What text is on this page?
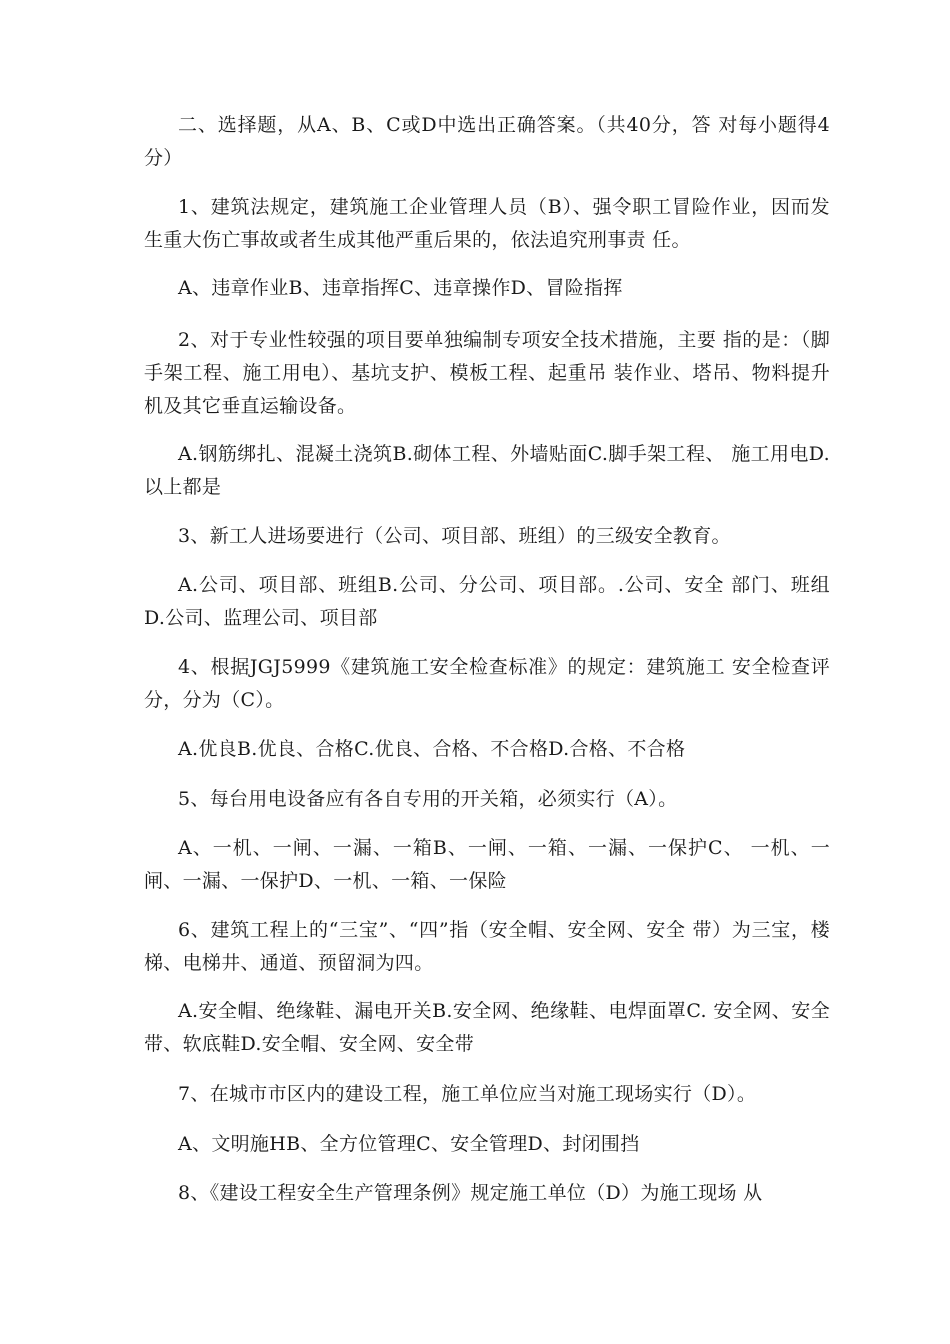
二、选择题，从A、B、C或D中选出正确答案。（共40分，答 对每小题得4分）

1、建筑法规定，建筑施工企业管理人员（B）、强令职工冒险作业，因而发生重大伤亡事故或者生成其他严重后果的，依法追究刑事责 任。

A、违章作业B、违章指挥C、违章操作D、冒险指挥

2、对于专业性较强的项目要单独编制专项安全技术措施，主要 指的是：（脚手架工程、施工用电）、基坑支护、模板工程、起重吊 装作业、塔吊、物料提升机及其它垂直运输设备。

A.钢筋绑扎、混凝土浇筑B.砌体工程、外墙贴面C.脚手架工程、 施工用电D.以上都是

3、新工人进场要进行（公司、项目部、班组）的三级安全教育。

A.公司、项目部、班组B.公司、分公司、项目部。.公司、安全 部门、班组D.公司、监理公司、项目部

4、根据JGJ5999《建筑施工安全检查标准》的规定：建筑施工 安全检查评分，分为（C）。

A.优良B.优良、合格C.优良、合格、不合格D.合格、不合格

5、每台用电设备应有各自专用的开关箱，必须实行（A）。

A、一机、一闸、一漏、一箱B、一闸、一箱、一漏、一保护C、 一机、一闸、一漏、一保护D、一机、一箱、一保险

6、建筑工程上的“三宝”、“四”指（安全帽、安全网、安全 带）为三宝，楼梯、电梯井、通道、预留洞为四。

A.安全帽、绝缘鞋、漏电开关B.安全网、绝缘鞋、电焊面罩C. 安全网、安全带、软底鞋D.安全帽、安全网、安全带

7、在城市市区内的建设工程，施工单位应当对施工现场实行（D）。

A、文明施HB、全方位管理C、安全管理D、封闭围挡

8、《建设工程安全生产管理条例》规定施工单位（D）为施工现场 从
